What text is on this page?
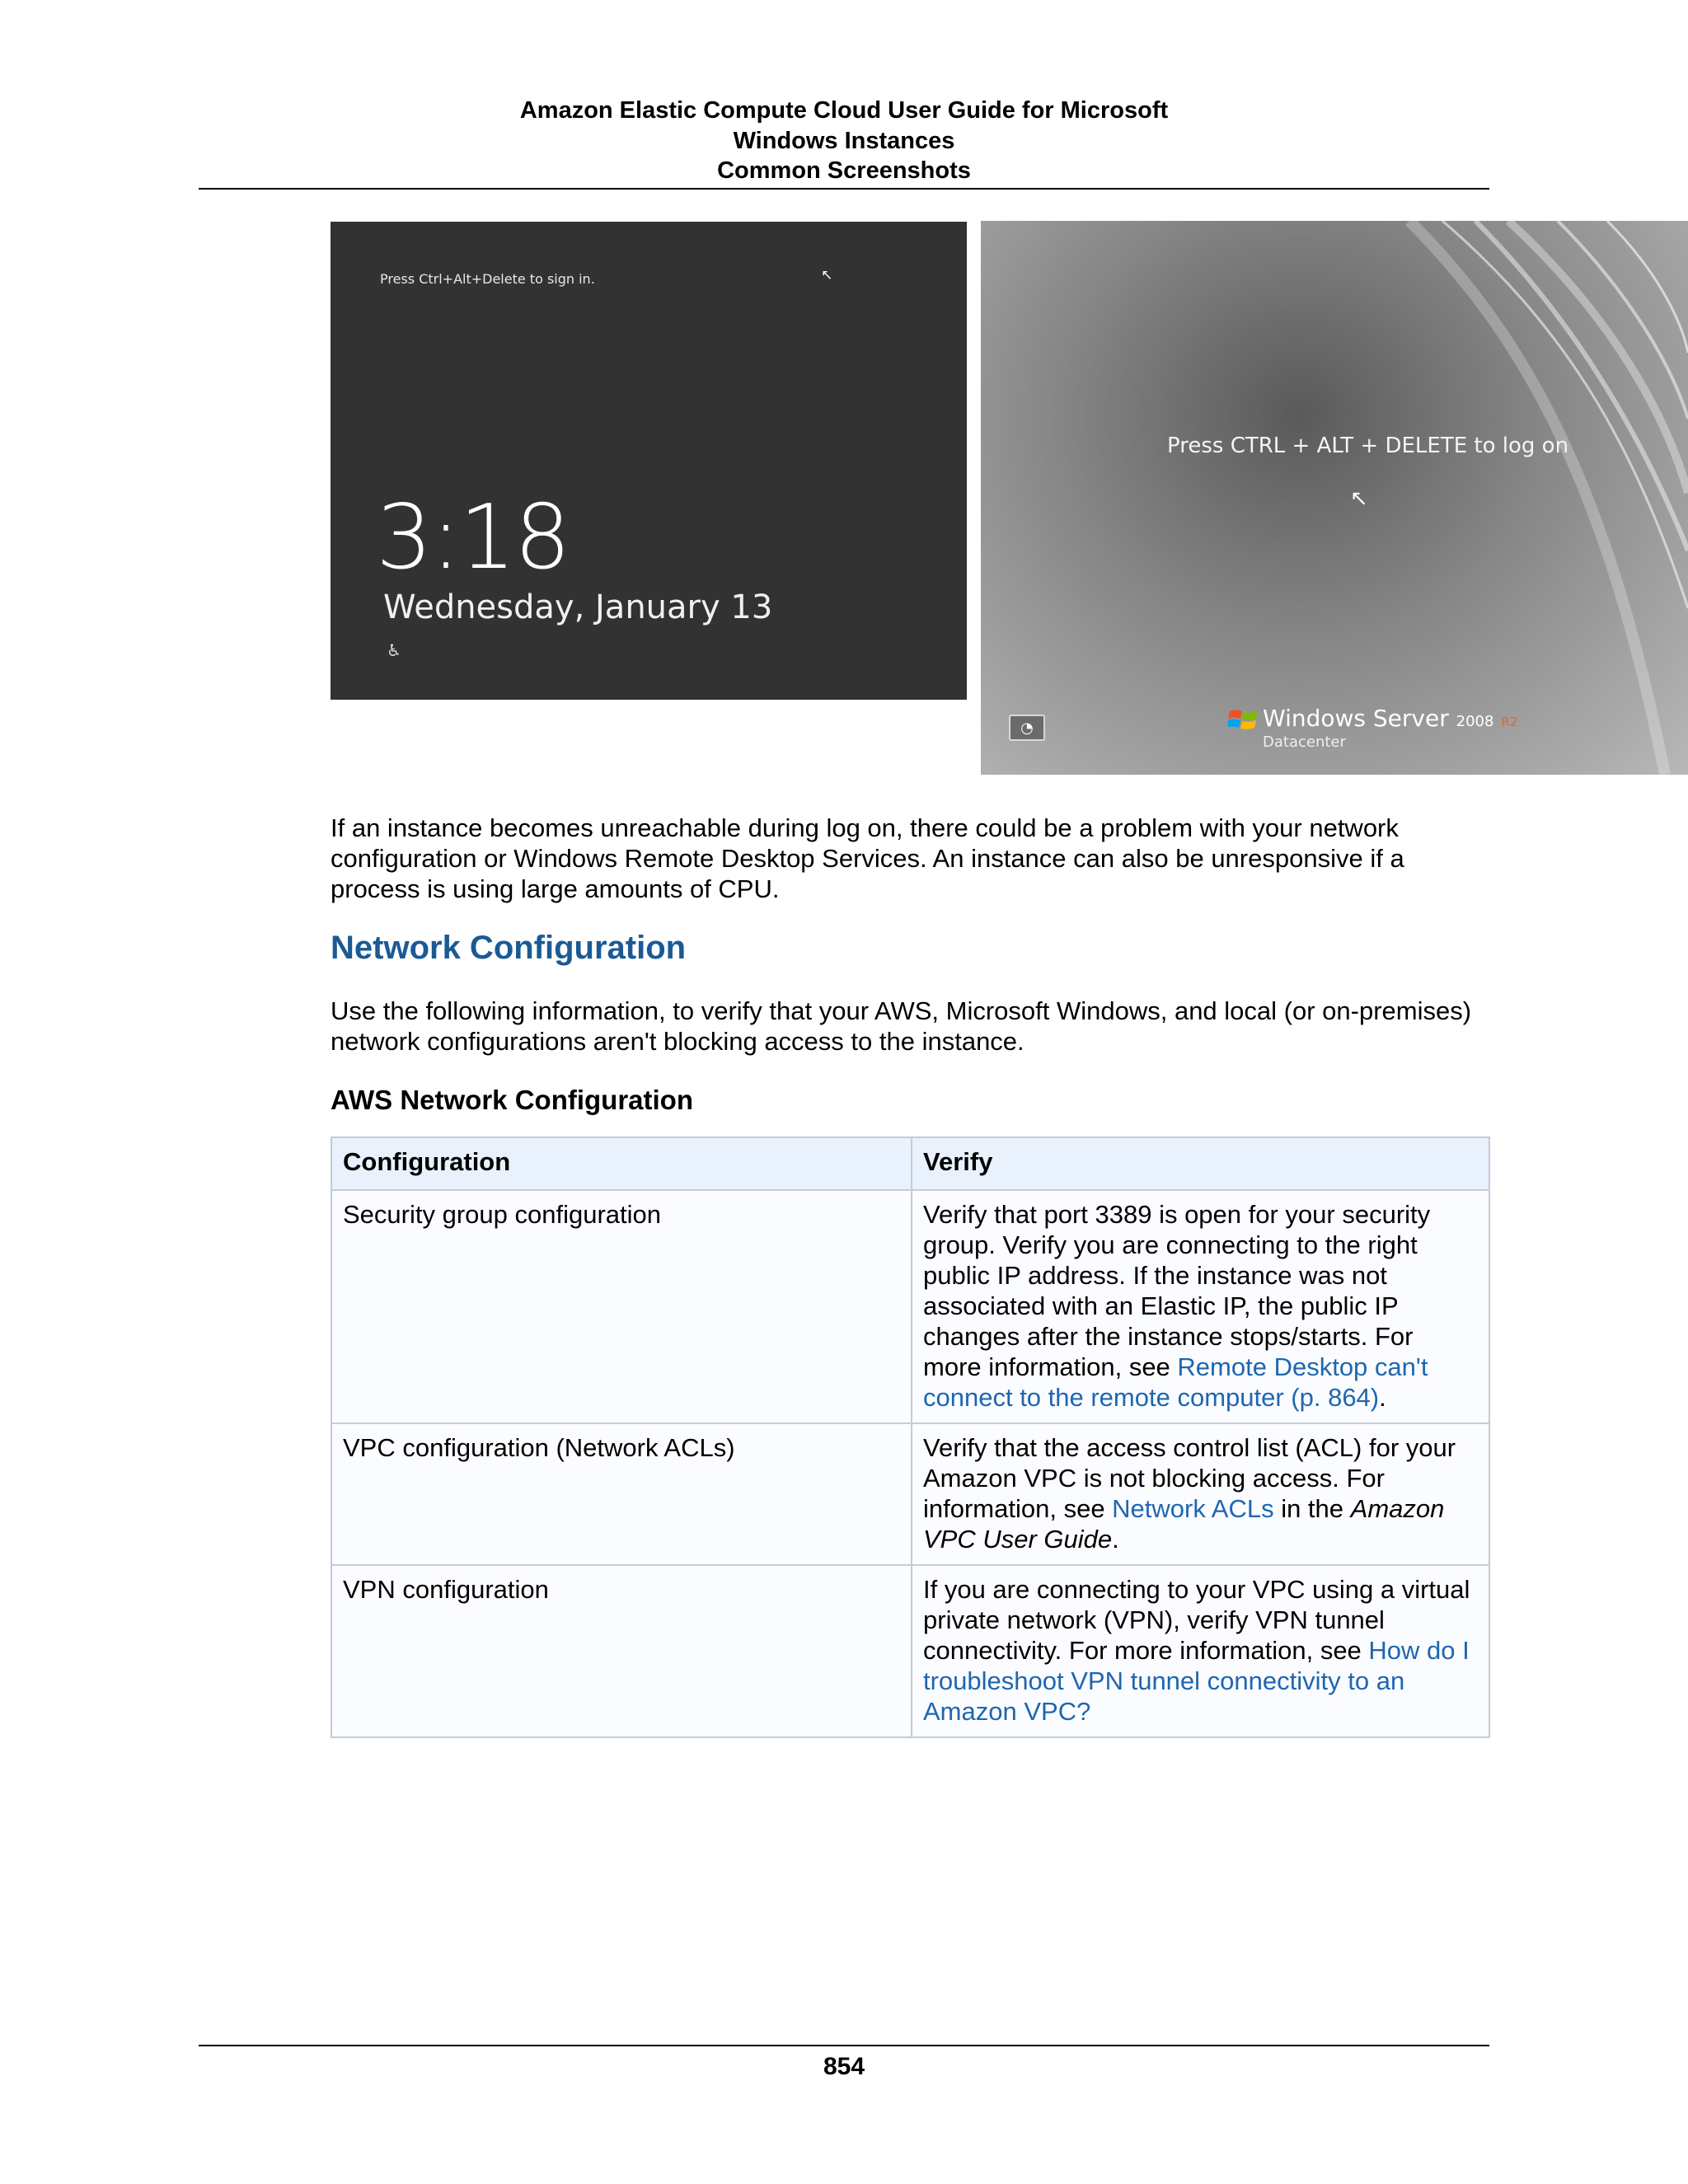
Amazon Elastic Compute Cloud User Guide for Microsoft
Windows Instances
Common Screenshots
Press Ctrl+Alt+Delete to sign in.	↖
3:18
Wednesday, January 13
♿
Press CTRL + ALT + DELETE to log on
↖
◔	Windows Server 2008 R2
Datacenter

If an instance becomes unreachable during log on, there could be a problem with your network configuration or Windows Remote Desktop Services. An instance can also be unresponsive if a process is using large amounts of CPU.

Network Configuration

Use the following information, to verify that your AWS, Microsoft Windows, and local (or on-premises) network configurations aren't blocking access to the instance.

AWS Network Configuration
Configuration	Verify
Security group configuration	Verify that port 3389 is open for your security group. Verify you are connecting to the right public IP address. If the instance was not associated with an Elastic IP, the public IP changes after the instance stops/starts. For more information, see Remote Desktop can't connect to the remote computer (p. 864).
VPC configuration (Network ACLs)	Verify that the access control list (ACL) for your Amazon VPC is not blocking access. For information, see Network ACLs in the Amazon VPC User Guide.
VPN configuration	If you are connecting to your VPC using a virtual private network (VPN), verify VPN tunnel connectivity. For more information, see How do I troubleshoot VPN tunnel connectivity to an Amazon VPC?
854
